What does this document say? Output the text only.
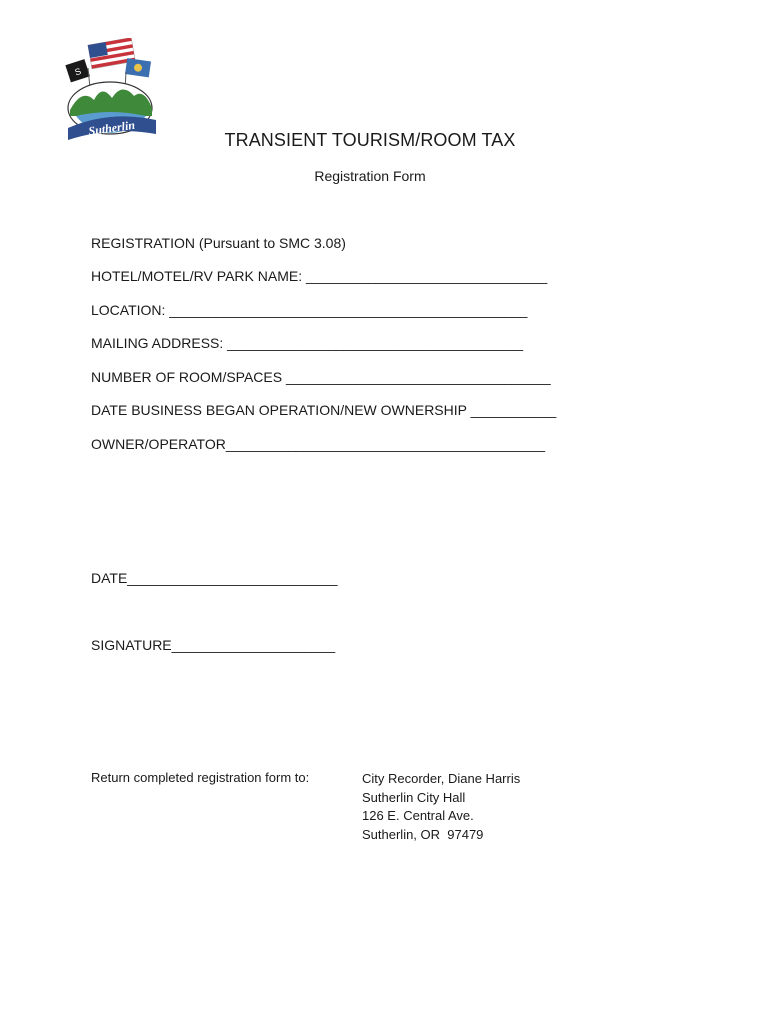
S
Sutherlin
TRANSIENT TOURISM/ROOM TAX
Registration Form
REGISTRATION (Pursuant to SMC 3.08)
HOTEL/MOTEL/RV PARK NAME: _______________________________
LOCATION: ______________________________________________
MAILING ADDRESS: ______________________________________
NUMBER OF ROOM/SPACES __________________________________
DATE BUSINESS BEGAN OPERATION/NEW OWNERSHIP ___________
OWNER/OPERATOR_________________________________________
DATE___________________________
SIGNATURE_____________________
Return completed registration form to:	City Recorder, Diane Harris
Sutherlin City Hall
126 E. Central Ave.
Sutherlin, OR  97479
